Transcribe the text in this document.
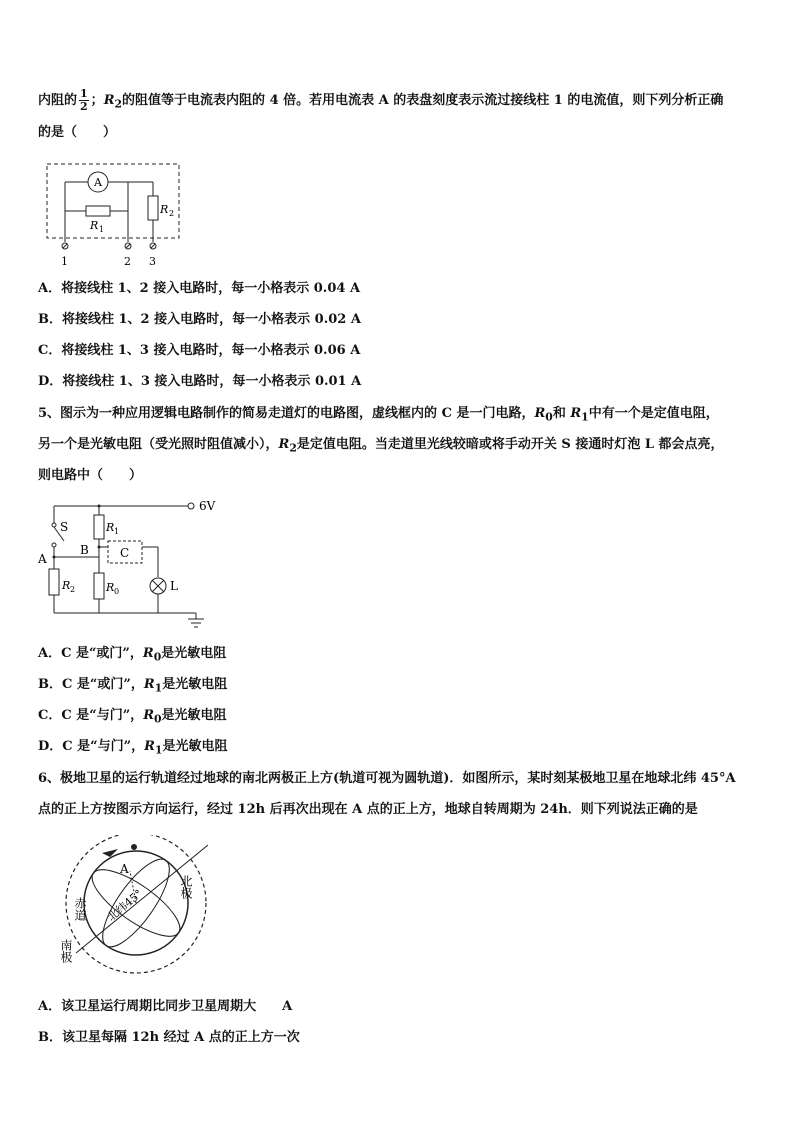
内阻的 $\frac{1}{2}$ ；$R_2$的阻值等于电流表内阻的 4 倍。若用电流表 A 的表盘刻度表示流过接线柱 1 的电流值，则下列分析正确
的是（　　）
A
R 1
R 2
1	2 3
A．将接线柱 1、2 接入电路时，每一小格表示 0.04 A
B．将接线柱 1、2 接入电路时，每一小格表示 0.02 A
C．将接线柱 1、3 接入电路时，每一小格表示 0.06 A
D．将接线柱 1、3 接入电路时，每一小格表示 0.01 A
5、图示为一种应用逻辑电路制作的简易走道灯的电路图，虚线框内的 C 是一门电路，$R_0$和 $R_1$中有一个是定值电阻，
另一个是光敏电阻（受光照时阻值减小），$R_2$是定值电阻。当走道里光线较暗或将手动开关 S 接通时灯泡 L 都会点亮，
则电路中（　　）
6V
S
A
R 2
R 1
B
R 0
C
L
A．C 是“或门”，$R_0$是光敏电阻
B．C 是“或门”，$R_1$是光敏电阻
C．C 是“与门”，$R_0$是光敏电阻
D．C 是“与门”，$R_1$是光敏电阻
6、极地卫星的运行轨道经过地球的南北两极正上方(轨道可视为圆轨道)．如图所示，某时刻某极地卫星在地球北纬 45°A
点的正上方按图示方向运行，经过 12h 后再次出现在 A 点的正上方，地球自转周期为 24h．则下列说法正确的是
A
北纬45°
北极
南极
赤道
A．该卫星运行周期比同步卫星周期大 A
B．该卫星每隔 12h 经过 A 点的正上方一次
